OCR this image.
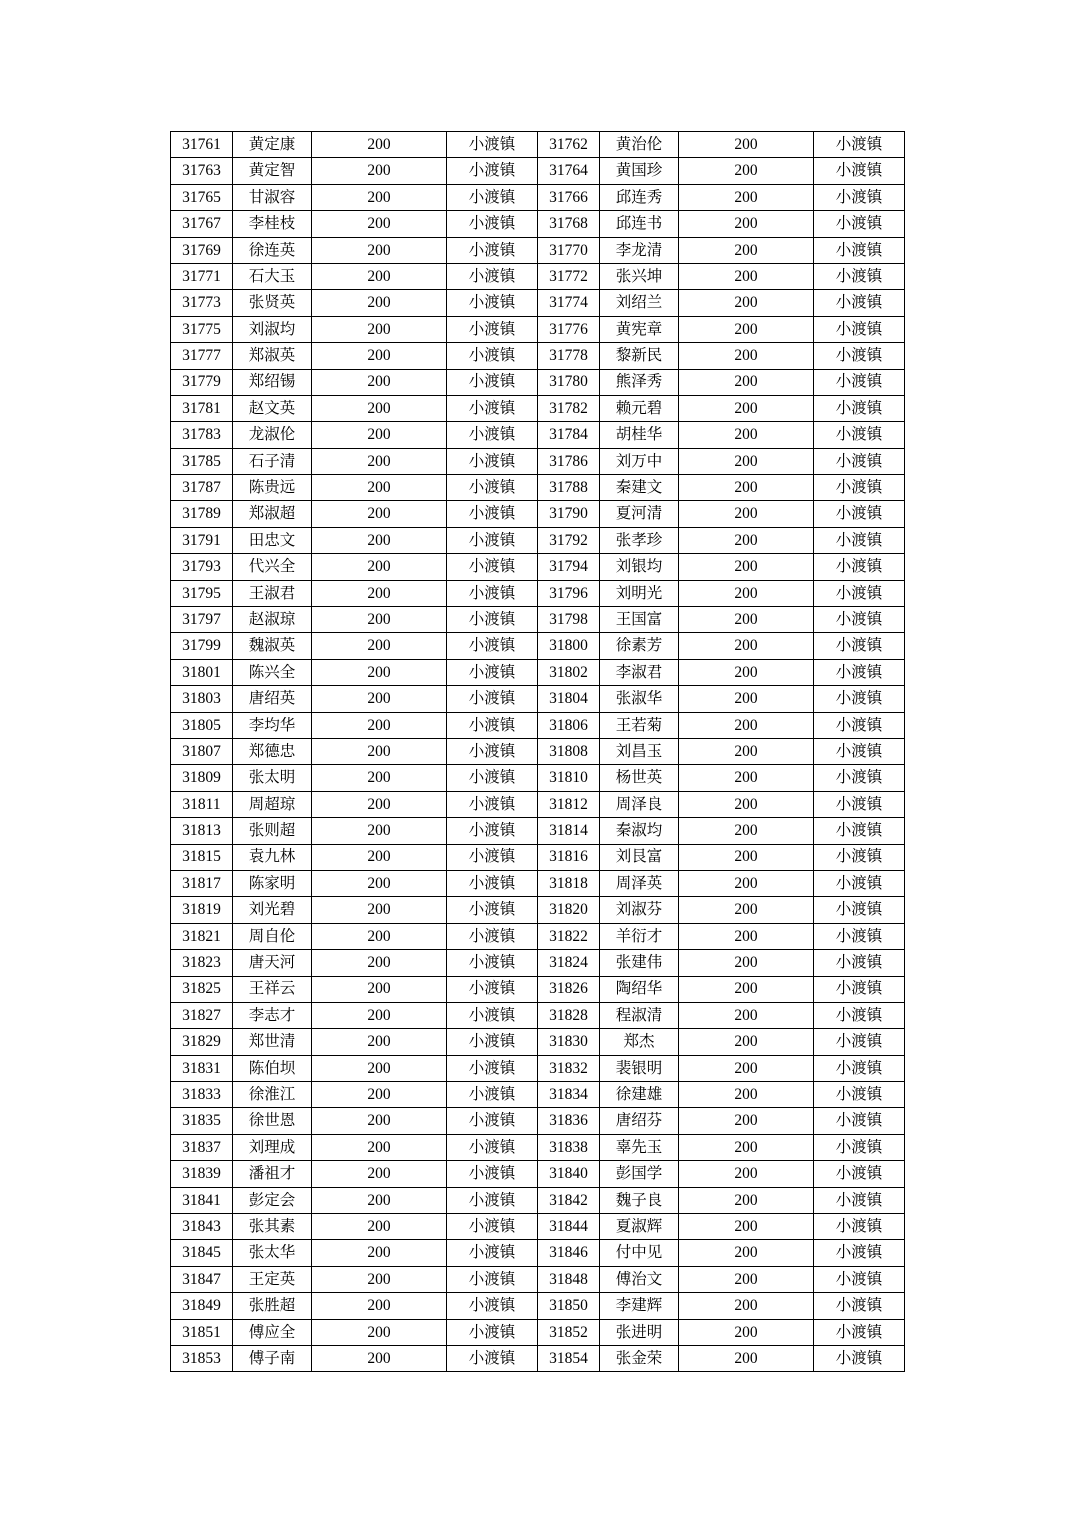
31761	黄定康	200	小渡镇	31762	黄治伦	200	小渡镇
31763	黄定智	200	小渡镇	31764	黄国珍	200	小渡镇
31765	甘淑容	200	小渡镇	31766	邱连秀	200	小渡镇
31767	李桂枝	200	小渡镇	31768	邱连书	200	小渡镇
31769	徐连英	200	小渡镇	31770	李龙清	200	小渡镇
31771	石大玉	200	小渡镇	31772	张兴坤	200	小渡镇
31773	张贤英	200	小渡镇	31774	刘绍兰	200	小渡镇
31775	刘淑均	200	小渡镇	31776	黄宪章	200	小渡镇
31777	郑淑英	200	小渡镇	31778	黎新民	200	小渡镇
31779	郑绍锡	200	小渡镇	31780	熊泽秀	200	小渡镇
31781	赵文英	200	小渡镇	31782	赖元碧	200	小渡镇
31783	龙淑伦	200	小渡镇	31784	胡桂华	200	小渡镇
31785	石子清	200	小渡镇	31786	刘万中	200	小渡镇
31787	陈贵远	200	小渡镇	31788	秦建文	200	小渡镇
31789	郑淑超	200	小渡镇	31790	夏河清	200	小渡镇
31791	田忠文	200	小渡镇	31792	张孝珍	200	小渡镇
31793	代兴全	200	小渡镇	31794	刘银均	200	小渡镇
31795	王淑君	200	小渡镇	31796	刘明光	200	小渡镇
31797	赵淑琼	200	小渡镇	31798	王国富	200	小渡镇
31799	魏淑英	200	小渡镇	31800	徐素芳	200	小渡镇
31801	陈兴全	200	小渡镇	31802	李淑君	200	小渡镇
31803	唐绍英	200	小渡镇	31804	张淑华	200	小渡镇
31805	李均华	200	小渡镇	31806	王若菊	200	小渡镇
31807	郑德忠	200	小渡镇	31808	刘昌玉	200	小渡镇
31809	张太明	200	小渡镇	31810	杨世英	200	小渡镇
31811	周超琼	200	小渡镇	31812	周泽良	200	小渡镇
31813	张则超	200	小渡镇	31814	秦淑均	200	小渡镇
31815	袁九林	200	小渡镇	31816	刘艮富	200	小渡镇
31817	陈家明	200	小渡镇	31818	周泽英	200	小渡镇
31819	刘光碧	200	小渡镇	31820	刘淑芬	200	小渡镇
31821	周自伦	200	小渡镇	31822	羊衍才	200	小渡镇
31823	唐天河	200	小渡镇	31824	张建伟	200	小渡镇
31825	王祥云	200	小渡镇	31826	陶绍华	200	小渡镇
31827	李志才	200	小渡镇	31828	程淑清	200	小渡镇
31829	郑世清	200	小渡镇	31830	郑杰	200	小渡镇
31831	陈伯坝	200	小渡镇	31832	裴银明	200	小渡镇
31833	徐淮江	200	小渡镇	31834	徐建雄	200	小渡镇
31835	徐世恩	200	小渡镇	31836	唐绍芬	200	小渡镇
31837	刘理成	200	小渡镇	31838	辜先玉	200	小渡镇
31839	潘祖才	200	小渡镇	31840	彭国学	200	小渡镇
31841	彭定会	200	小渡镇	31842	魏子良	200	小渡镇
31843	张其素	200	小渡镇	31844	夏淑辉	200	小渡镇
31845	张太华	200	小渡镇	31846	付中见	200	小渡镇
31847	王定英	200	小渡镇	31848	傅治文	200	小渡镇
31849	张胜超	200	小渡镇	31850	李建辉	200	小渡镇
31851	傅应全	200	小渡镇	31852	张进明	200	小渡镇
31853	傅子南	200	小渡镇	31854	张金荣	200	小渡镇
